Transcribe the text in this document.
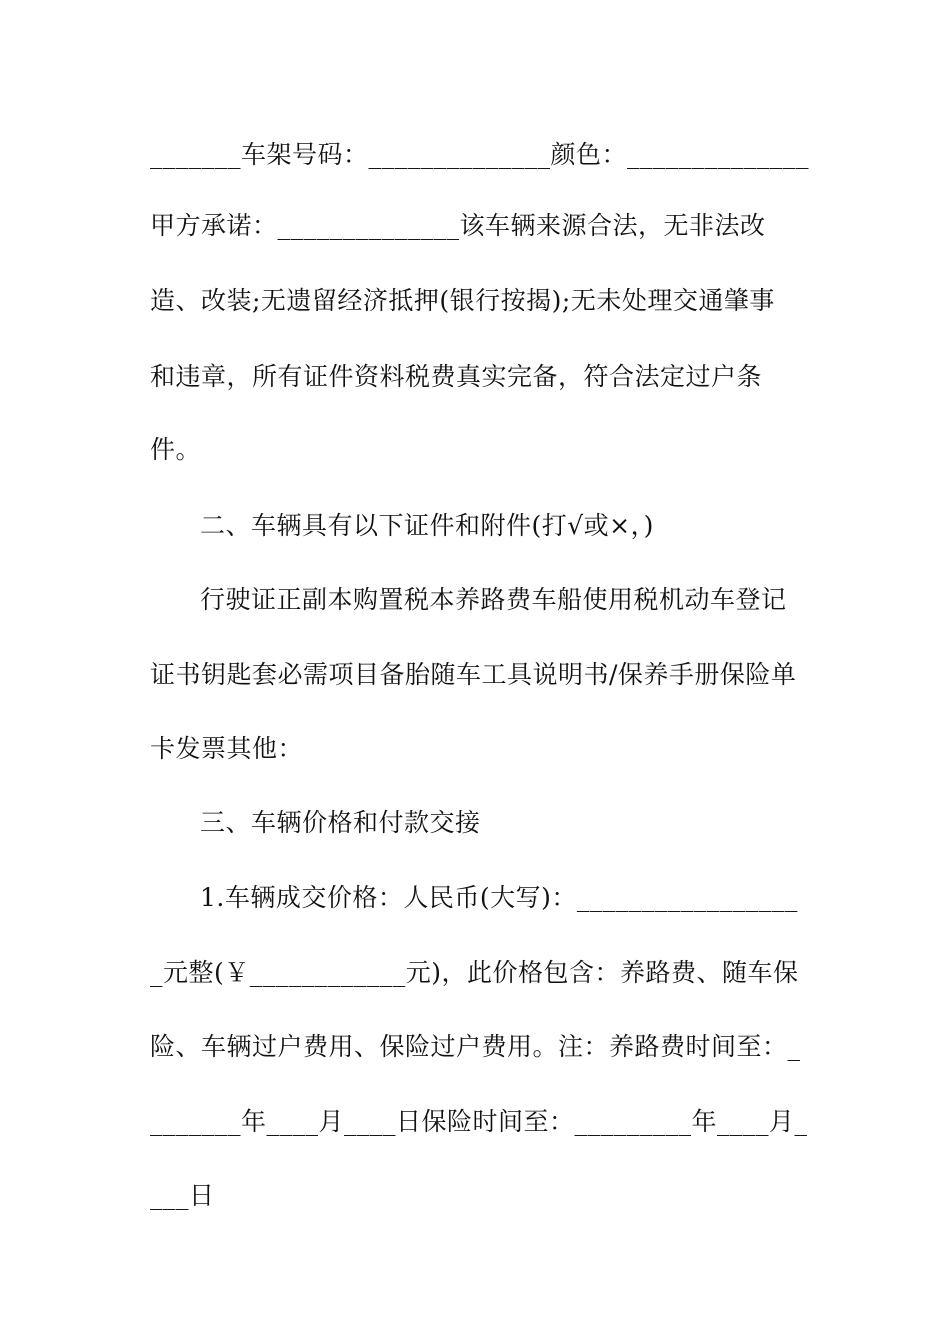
_______车架号码：______________颜色：______________
甲方承诺：______________该车辆来源合法，无非法改
造、改装;无遗留经济抵押(银行按揭);无未处理交通肇事
和违章，所有证件资料税费真实完备，符合法定过户条
件。
二、车辆具有以下证件和附件(打√或×，)
行驶证正副本购置税本养路费车船使用税机动车登记
证书钥匙套必需项目备胎随车工具说明书/保养手册保险单
卡发票其他：
三、车辆价格和付款交接
1.车辆成交价格：人民币(大写)：_________________
_元整(￥____________元)，此价格包含：养路费、随车保
险、车辆过户费用、保险过户费用。注：养路费时间至：_
_______年____月____日保险时间至：_________年____月_
___日
